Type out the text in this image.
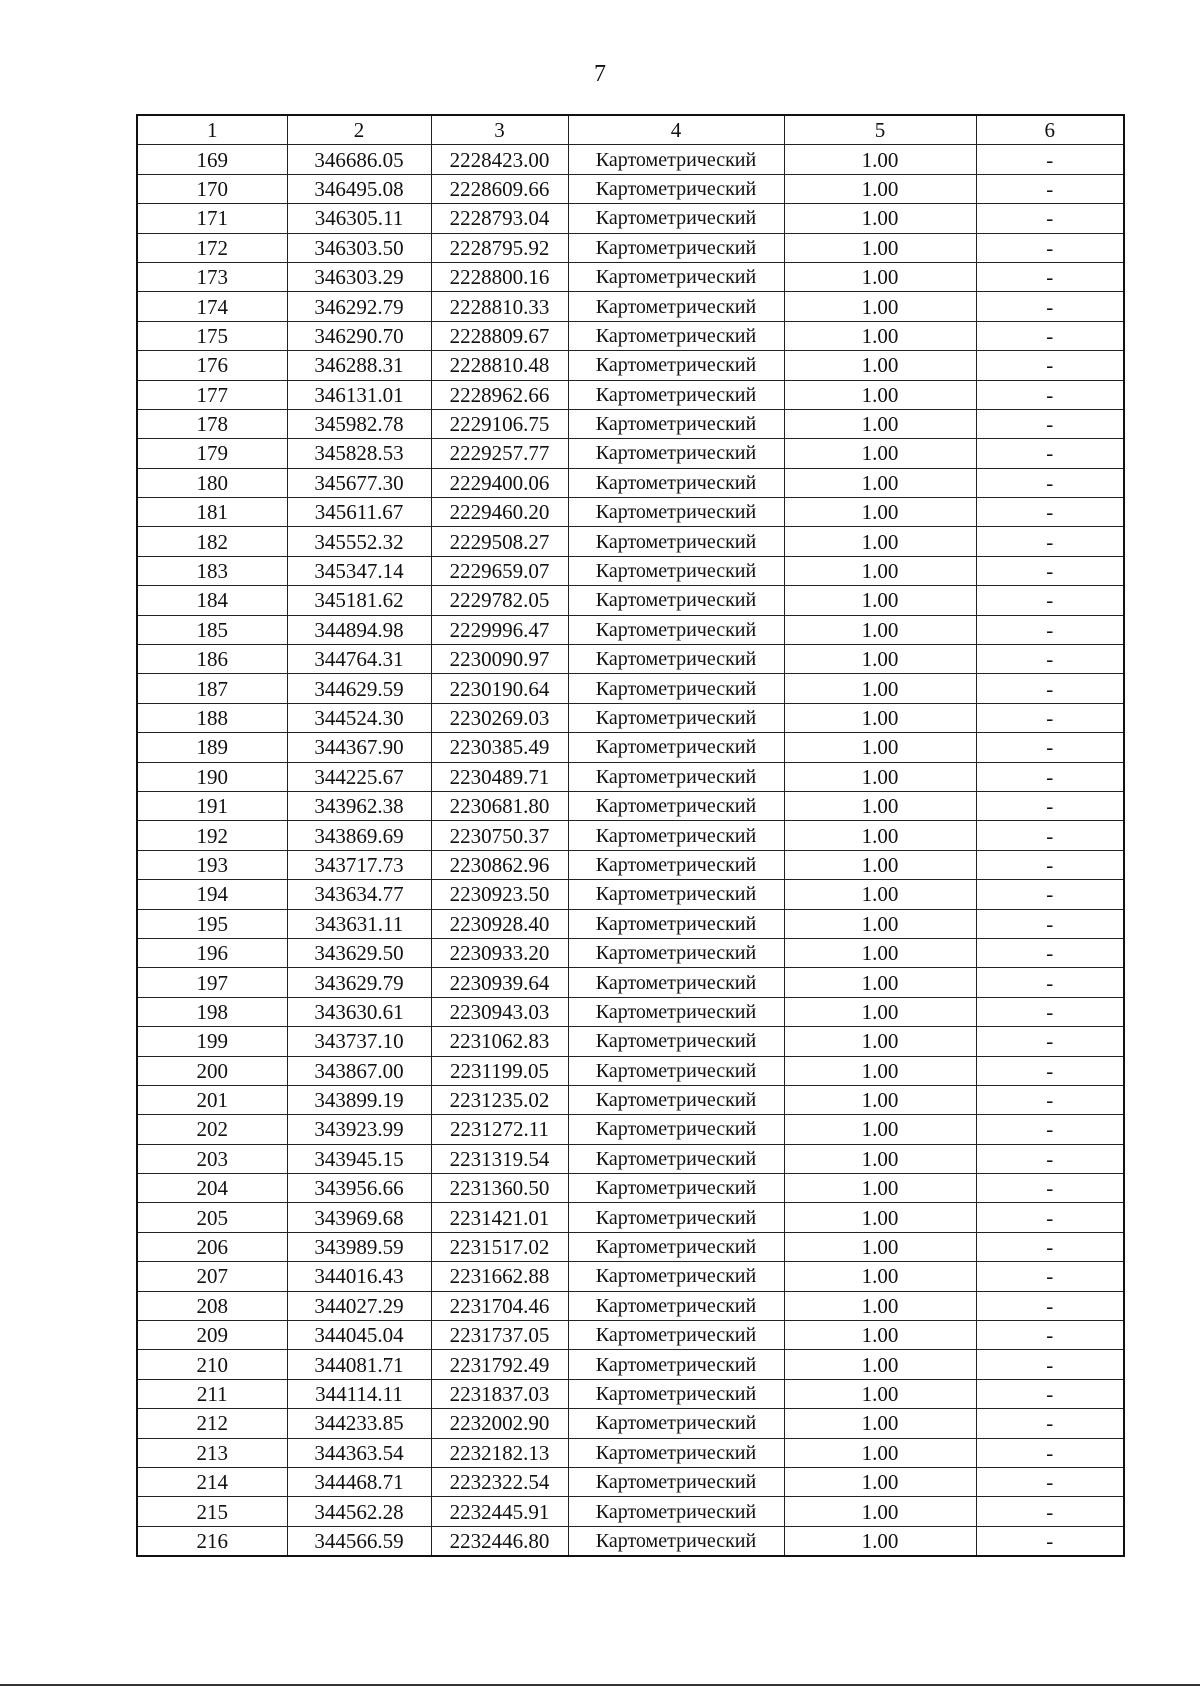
7
1	2	3	4	5	6
169	346686.05	2228423.00	Картометрический	1.00	-
170	346495.08	2228609.66	Картометрический	1.00	-
171	346305.11	2228793.04	Картометрический	1.00	-
172	346303.50	2228795.92	Картометрический	1.00	-
173	346303.29	2228800.16	Картометрический	1.00	-
174	346292.79	2228810.33	Картометрический	1.00	-
175	346290.70	2228809.67	Картометрический	1.00	-
176	346288.31	2228810.48	Картометрический	1.00	-
177	346131.01	2228962.66	Картометрический	1.00	-
178	345982.78	2229106.75	Картометрический	1.00	-
179	345828.53	2229257.77	Картометрический	1.00	-
180	345677.30	2229400.06	Картометрический	1.00	-
181	345611.67	2229460.20	Картометрический	1.00	-
182	345552.32	2229508.27	Картометрический	1.00	-
183	345347.14	2229659.07	Картометрический	1.00	-
184	345181.62	2229782.05	Картометрический	1.00	-
185	344894.98	2229996.47	Картометрический	1.00	-
186	344764.31	2230090.97	Картометрический	1.00	-
187	344629.59	2230190.64	Картометрический	1.00	-
188	344524.30	2230269.03	Картометрический	1.00	-
189	344367.90	2230385.49	Картометрический	1.00	-
190	344225.67	2230489.71	Картометрический	1.00	-
191	343962.38	2230681.80	Картометрический	1.00	-
192	343869.69	2230750.37	Картометрический	1.00	-
193	343717.73	2230862.96	Картометрический	1.00	-
194	343634.77	2230923.50	Картометрический	1.00	-
195	343631.11	2230928.40	Картометрический	1.00	-
196	343629.50	2230933.20	Картометрический	1.00	-
197	343629.79	2230939.64	Картометрический	1.00	-
198	343630.61	2230943.03	Картометрический	1.00	-
199	343737.10	2231062.83	Картометрический	1.00	-
200	343867.00	2231199.05	Картометрический	1.00	-
201	343899.19	2231235.02	Картометрический	1.00	-
202	343923.99	2231272.11	Картометрический	1.00	-
203	343945.15	2231319.54	Картометрический	1.00	-
204	343956.66	2231360.50	Картометрический	1.00	-
205	343969.68	2231421.01	Картометрический	1.00	-
206	343989.59	2231517.02	Картометрический	1.00	-
207	344016.43	2231662.88	Картометрический	1.00	-
208	344027.29	2231704.46	Картометрический	1.00	-
209	344045.04	2231737.05	Картометрический	1.00	-
210	344081.71	2231792.49	Картометрический	1.00	-
211	344114.11	2231837.03	Картометрический	1.00	-
212	344233.85	2232002.90	Картометрический	1.00	-
213	344363.54	2232182.13	Картометрический	1.00	-
214	344468.71	2232322.54	Картометрический	1.00	-
215	344562.28	2232445.91	Картометрический	1.00	-
216	344566.59	2232446.80	Картометрический	1.00	-
